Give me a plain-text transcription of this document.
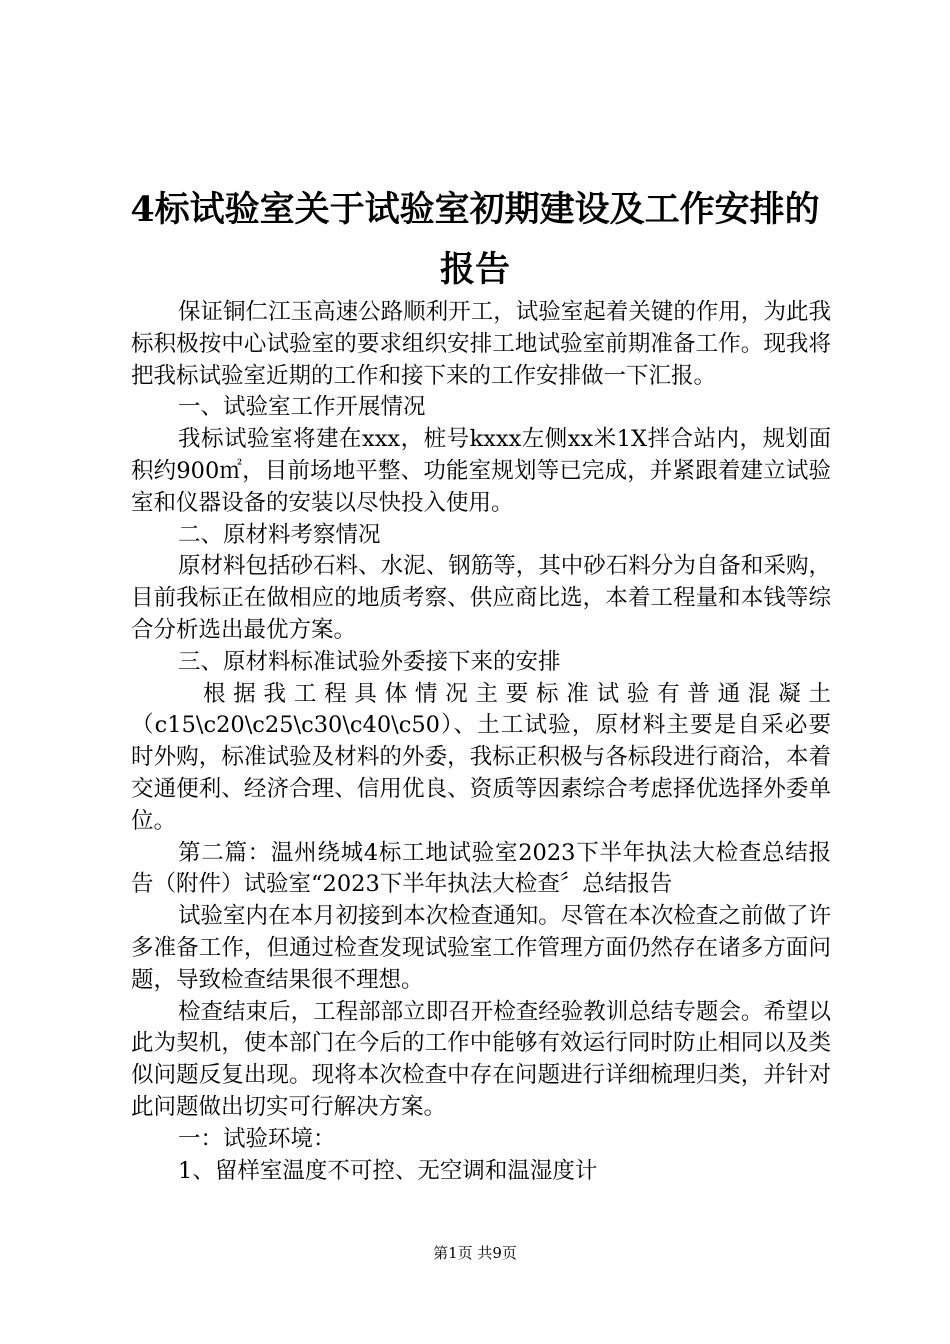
4标试验室关于试验室初期建设及工作安排的
报告

保证铜仁江玉高速公路顺利开工，试验室起着关键的作用，为此我标积极按中心试验室的要求组织安排工地试验室前期准备工作。现我将把我标试验室近期的工作和接下来的工作安排做一下汇报。

一、试验室工作开展情况

我标试验室将建在xxx，桩号kxxx左侧xx米1X拌合站内，规划面积约900㎡，目前场地平整、功能室规划等已完成，并紧跟着建立试验室和仪器设备的安装以尽快投入使用。

二、原材料考察情况

原材料包括砂石料、水泥、钢筋等，其中砂石料分为自备和采购，目前我标正在做相应的地质考察、供应商比选，本着工程量和本钱等综合分析选出最优方案。

三、原材料标准试验外委接下来的安排

根据我工程具体情况主要标准试验有普通混凝土（c15\c20\c25\c30\c40\c50）、土工试验，原材料主要是自采必要时外购，标准试验及材料的外委，我标正积极与各标段进行商洽，本着交通便利、经济合理、信用优良、资质等因素综合考虑择优选择外委单位。

第二篇：温州绕城4标工地试验室2023下半年执法大检查总结报告（附件）试验室“2023下半年执法大检查〞总结报告

试验室内在本月初接到本次检查通知。尽管在本次检查之前做了许多准备工作，但通过检查发现试验室工作管理方面仍然存在诸多方面问题，导致检查结果很不理想。

检查结束后，工程部部立即召开检查经验教训总结专题会。希望以此为契机，使本部门在今后的工作中能够有效运行同时防止相同以及类似问题反复出现。现将本次检查中存在问题进行详细梳理归类，并针对此问题做出切实可行解决方案。

一：试验环境：

1、留样室温度不可控、无空调和温湿度计

第1页 共9页
